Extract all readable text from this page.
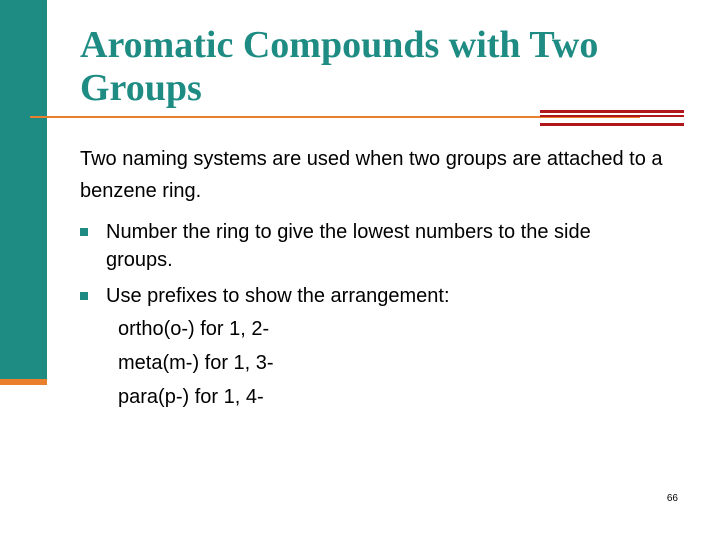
Aromatic Compounds with Two Groups

Two naming systems are used when two groups are attached to a benzene ring.

Number the ring to give the lowest numbers to the side groups.
Use prefixes to show the arrangement:
ortho(o-) for 1, 2-
meta(m-) for 1, 3-
para(p-) for 1, 4-
66
